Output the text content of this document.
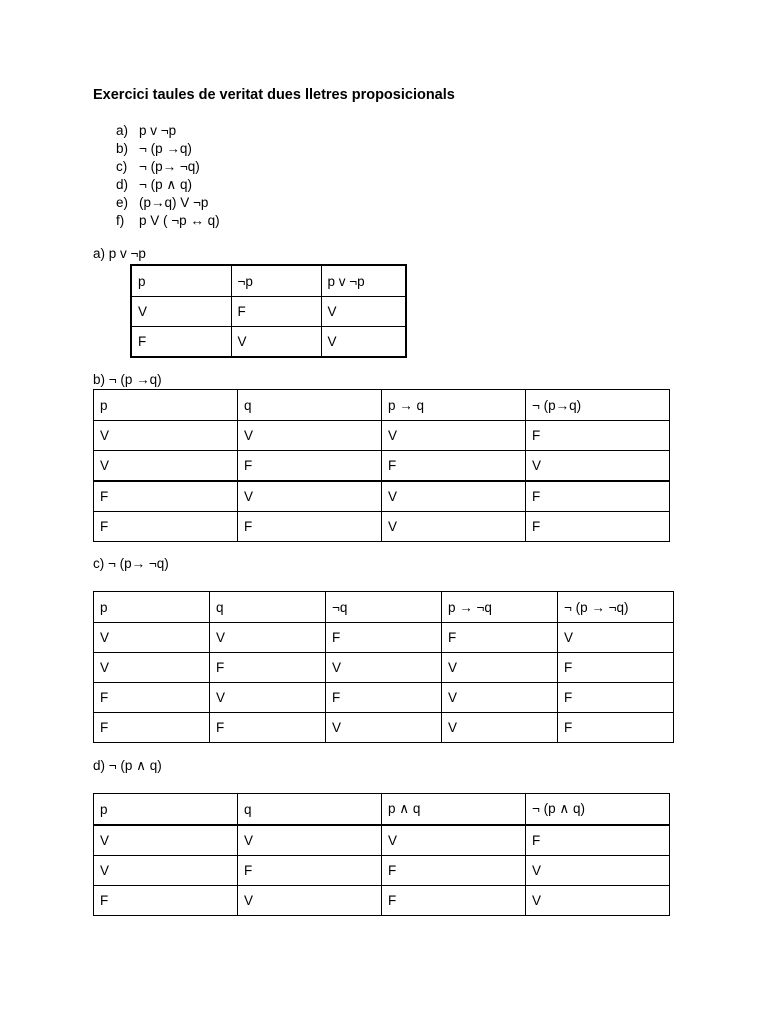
Exercici taules de veritat dues lletres proposicionals
a) p v ¬p
b) ¬ (p →q)
c) ¬ (p→ ¬q)
d) ¬ (p ∧ q)
e) (p→q) V ¬p
f) p V ( ¬p ↔ q)
a) p v ¬p
p	¬p	p v ¬p
V	F	V
F	V	V
b) ¬ (p →q)
p	q	p → q	¬ (p→q)
V	V	V	F
V	F	F	V
F	V	V	F
F	F	V	F
c) ¬ (p→ ¬q)
p	q	¬q	p → ¬q	¬ (p → ¬q)
V	V	F	F	V
V	F	V	V	F
F	V	F	V	F
F	F	V	V	F
d) ¬ (p ∧ q)
p	q	p ∧ q	¬ (p ∧ q)
V	V	V	F
V	F	F	V
F	V	F	V
